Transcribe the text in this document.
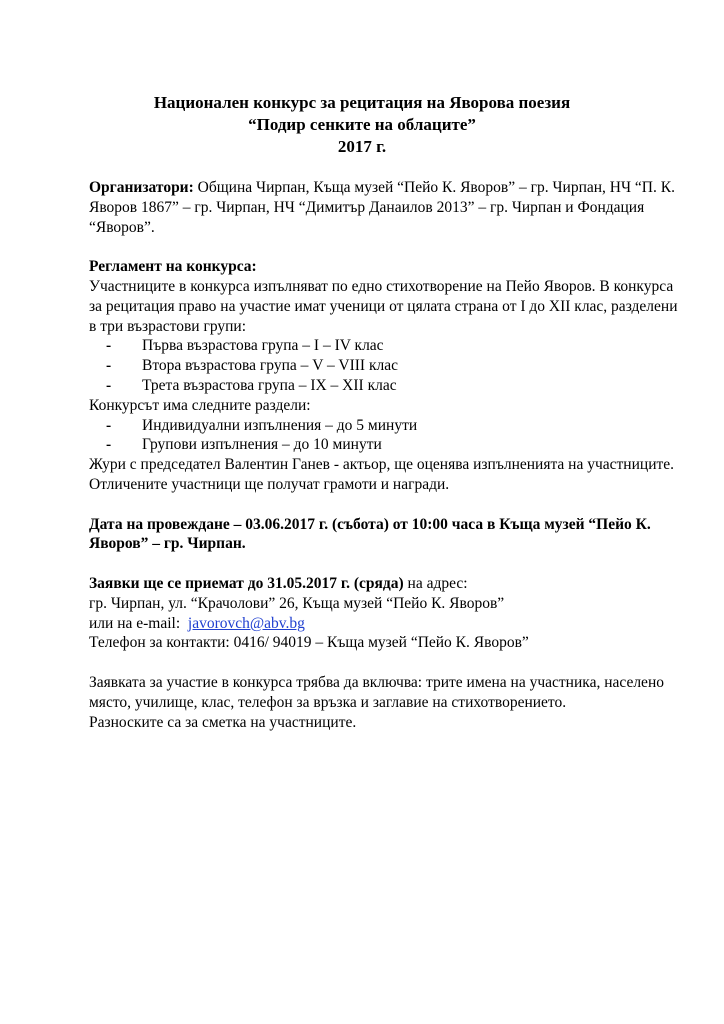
Национален конкурс за рецитация на Яворова поезия
“Подир сенките на облаците”
2017 г.

Организатори: Община Чирпан, Къща музей “Пейо К. Яворов” – гр. Чирпан, НЧ “П. К. Яворов 1867” – гр. Чирпан, НЧ “Димитър Данаилов 2013” – гр. Чирпан и Фондация “Яворов”.

Регламент на конкурса:

Участниците в конкурса изпълняват по едно стихотворение на Пейо Яворов. В конкурса за рецитация право на участие имат ученици от цялата страна от I до XII клас, разделени в три възрастови групи:

- Първа възрастова група – I – IV клас
- Втора възрастова група – V – VIII клас
- Трета възрастова група – IX – XII клас

Конкурсът има следните раздели:

- Индивидуални изпълнения – до 5 минути
- Групови изпълнения – до 10 минути

Жури с председател Валентин Ганев - актьор, ще оценява изпълненията на участниците.

Отличените участници ще получат грамоти и награди.

Дата на провеждане – 03.06.2017 г. (събота) от 10:00 часа в Къща музей “Пейо К. Яворов” – гр. Чирпан.

Заявки ще се приемат до 31.05.2017 г. (сряда) на адрес:

гр. Чирпан, ул. “Крачолови” 26, Къща музей “Пейо К. Яворов”

или на e-mail:  javorovch@abv.bg

Телефон за контакти: 0416/ 94019 – Къща музей “Пейо К. Яворов”

Заявката за участие в конкурса трябва да включва: трите имена на участника, населено място, училище, клас, телефон за връзка и заглавие на стихотворението.

Разноските са за сметка на участниците.
